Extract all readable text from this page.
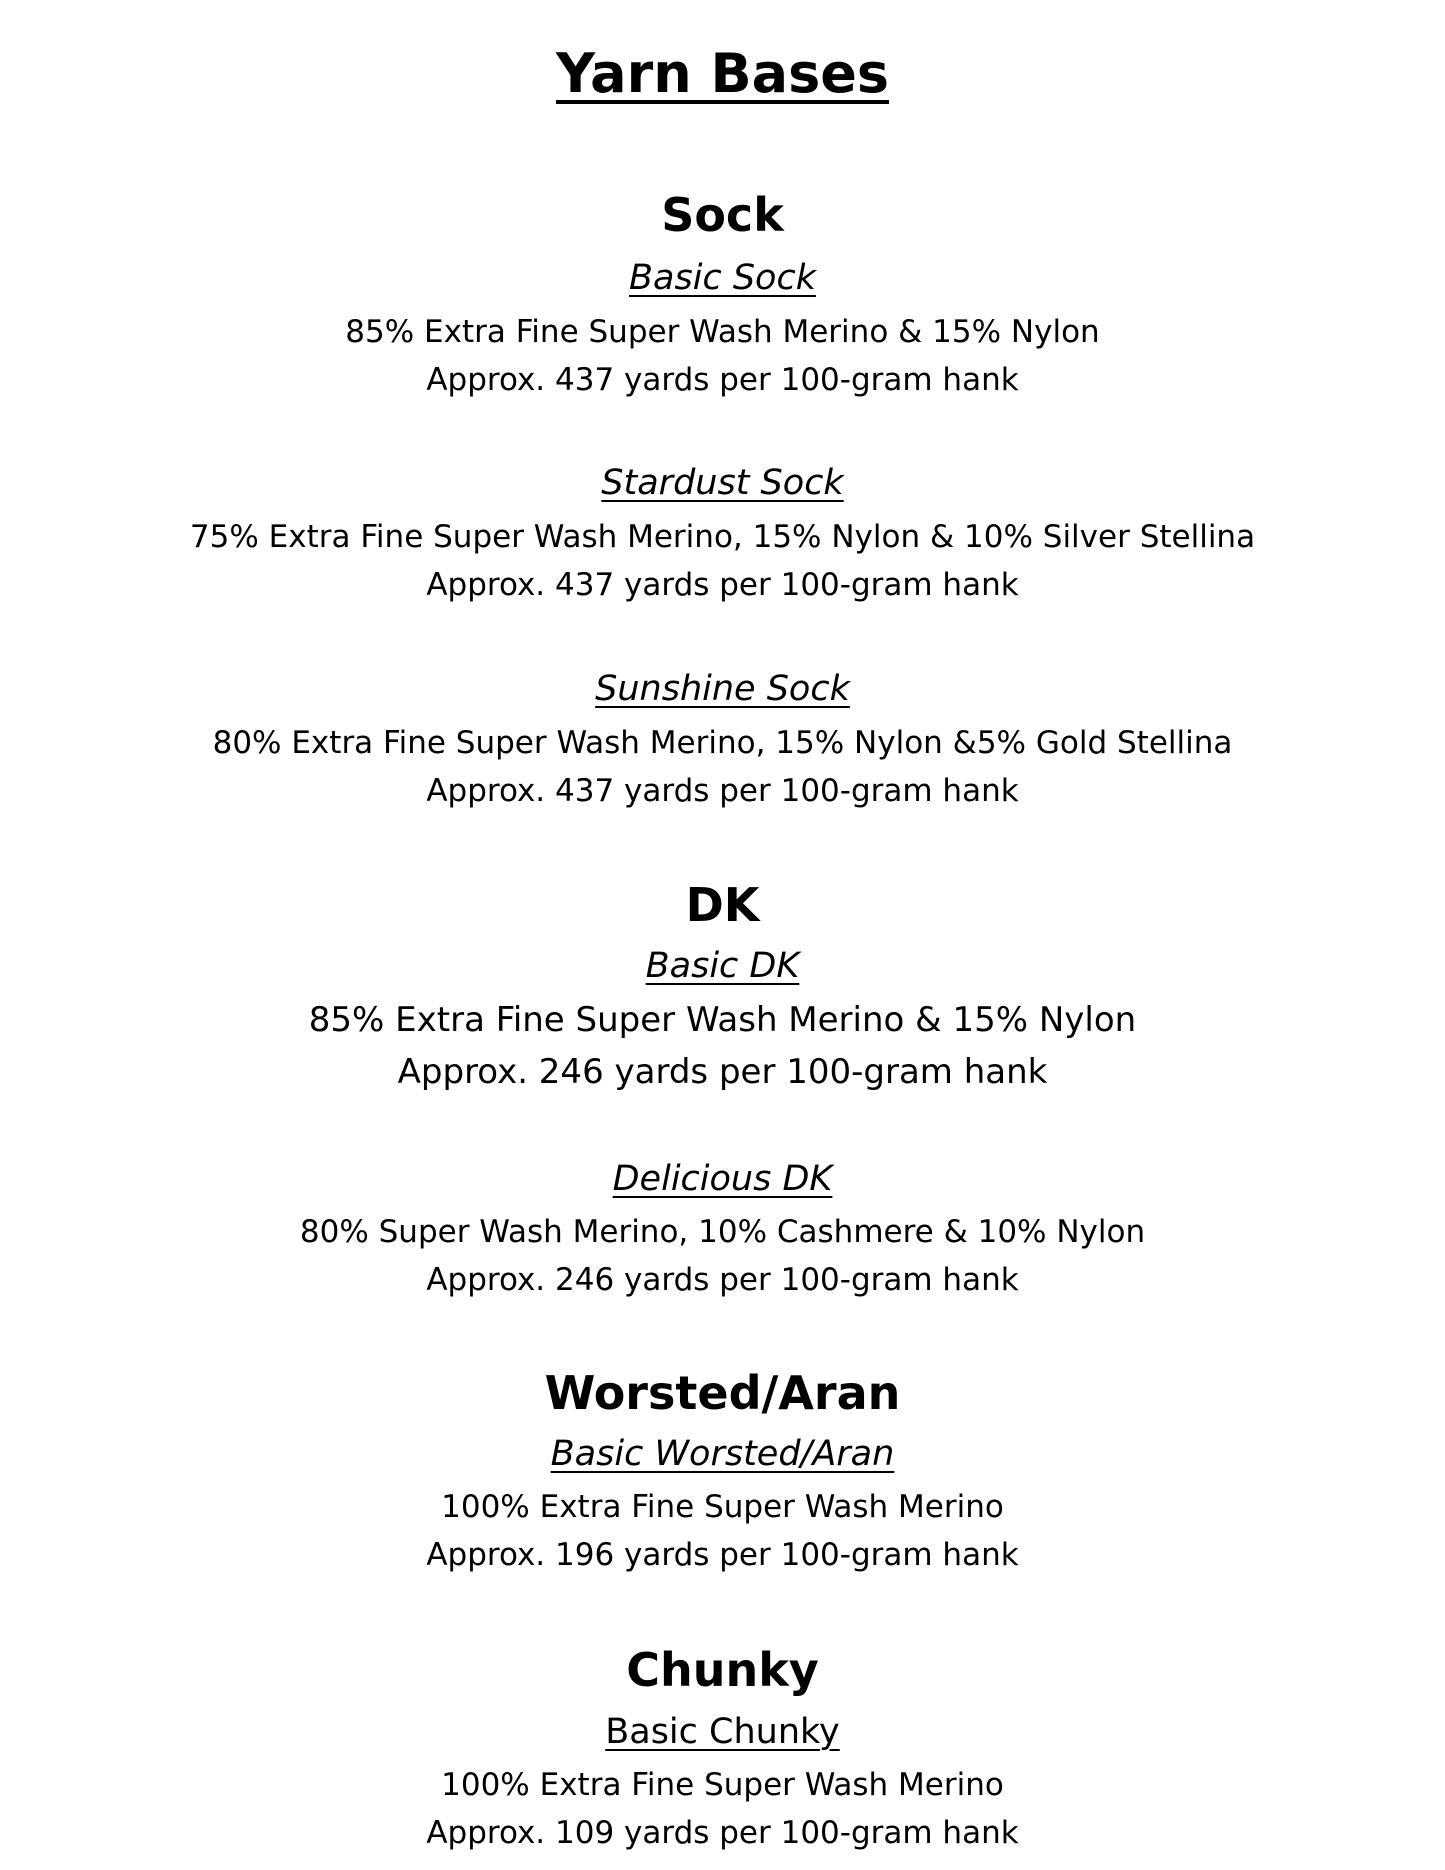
Yarn Bases
Sock
Basic Sock
85% Extra Fine Super Wash Merino & 15% Nylon
Approx. 437 yards per 100-gram hank
Stardust Sock
75% Extra Fine Super Wash Merino, 15% Nylon & 10% Silver Stellina
Approx. 437 yards per 100-gram hank
Sunshine Sock
80% Extra Fine Super Wash Merino, 15% Nylon &5% Gold Stellina
Approx. 437 yards per 100-gram hank
DK
Basic DK
85% Extra Fine Super Wash Merino & 15% Nylon
Approx. 246 yards per 100-gram hank
Delicious DK
80% Super Wash Merino, 10% Cashmere & 10% Nylon
Approx. 246 yards per 100-gram hank
Worsted/Aran
Basic Worsted/Aran
100% Extra Fine Super Wash Merino
Approx. 196 yards per 100-gram hank
Chunky
Basic Chunky
100% Extra Fine Super Wash Merino
Approx. 109 yards per 100-gram hank
